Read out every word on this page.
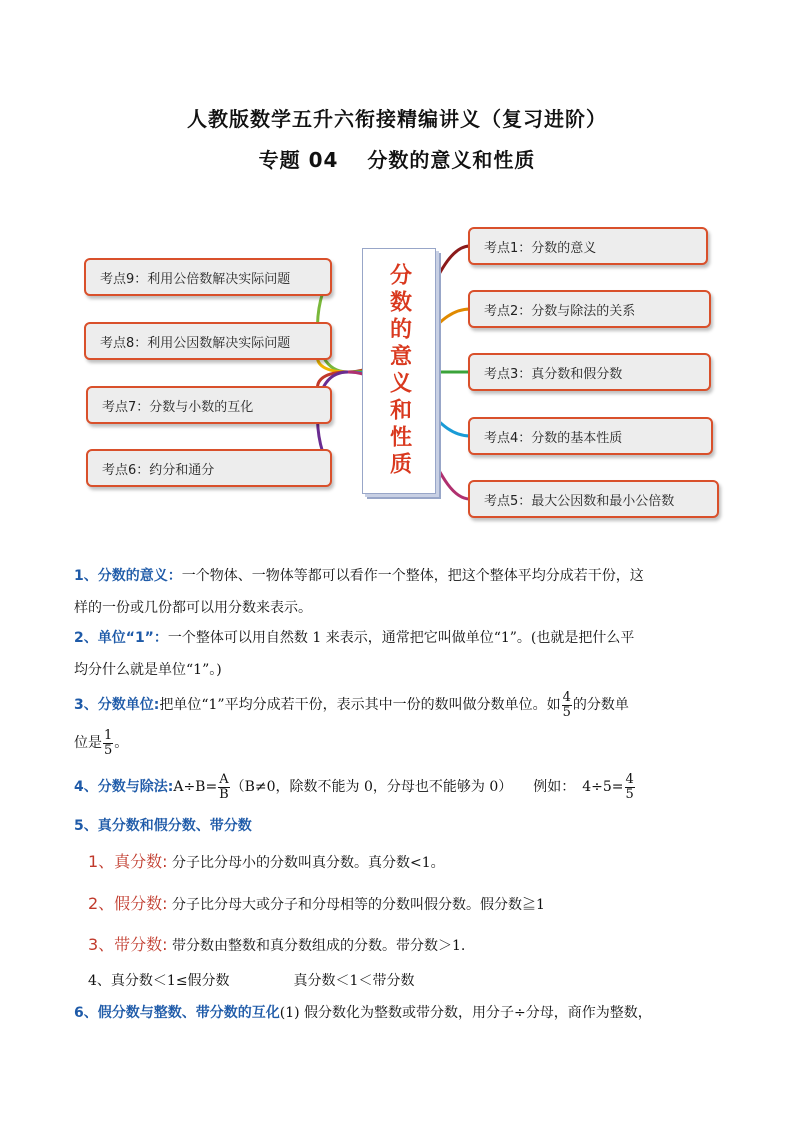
人教版数学五升六衔接精编讲义（复习进阶）
专题 04　 分数的意义和性质
考点1：分数的意义
考点2：分数与除法的关系
考点3：真分数和假分数
考点4：分数的基本性质
考点5：最大公因数和最小公倍数
考点9：利用公倍数解决实际问题
考点8：利用公因数解决实际问题
考点7：分数与小数的互化
考点6：约分和通分	分数的意义和性质
1、分数的意义：一个物体、一物体等都可以看作一个整体，把这个整体平均分成若干份，这
样的一份或几份都可以用分数来表示。
2、单位“1”：一个整体可以用自然数 1 来表示，通常把它叫做单位“1”。(也就是把什么平
均分什么就是单位“1”。)
3、分数单位:把单位“1”平均分成若干份，表示其中一份的数叫做分数单位。如 $\frac{4}{5}$ 的分数单
位是 $\frac{1}{5}$ 。
4、分数与除法:A÷B= $\frac{A}{B} (B\ne 0$，除数不能为 0，分母也不能够为 0）　　例如：　$4\div 5= \frac{4}{5}$
5、真分数和假分数、带分数
1、真分数: 分子比分母小的分数叫真分数。真分数<1。
2、假分数: 分子比分母大或分子和分母相等的分数叫假分数。假分数≧1
3、带分数: 带分数由整数和真分数组成的分数。带分数＞1.
4、真分数＜1≤假分数	真分数＜1＜带分数
6、假分数与整数、带分数的互化(1) 假分数化为整数或带分数，用分子÷分母，商作为整数，
